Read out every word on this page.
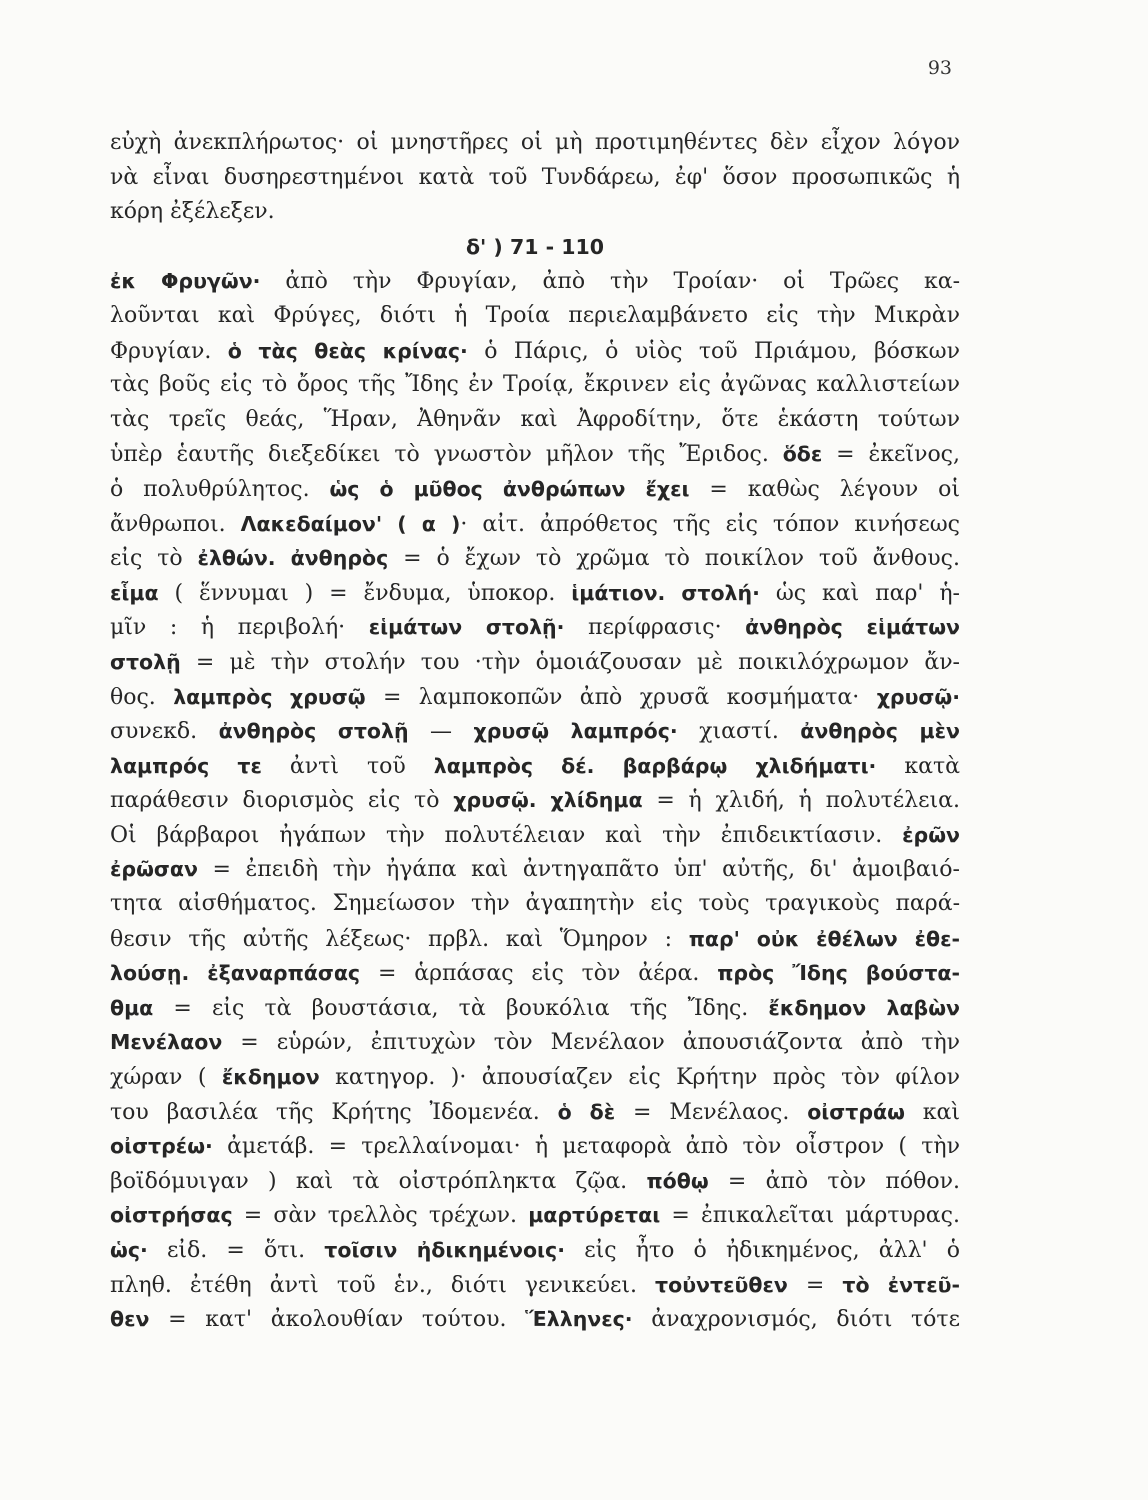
93
εὐχὴ ἀνεκπλήρωτος· οἱ μνηστῆρες οἱ μὴ προτιμηθέντες δὲν εἶχον λόγον
νὰ εἶναι δυσηρεστημένοι κατὰ τοῦ Τυνδάρεω, ἐφ' ὅσον προσωπικῶς ἡ
κόρη ἐξέλεξεν.
δ' ) 71 - 110
ἐκ Φρυγῶν· ἀπὸ τὴν Φρυγίαν, ἀπὸ τὴν Τροίαν· οἱ Τρῶες κα-
λοῦνται καὶ Φρύγες, διότι ἡ Τροία περιελαμβάνετο εἰς τὴν Μικρὰν
Φρυγίαν. ὁ τὰς θεὰς κρίνας· ὁ Πάρις, ὁ υἱὸς τοῦ Πριάμου, βόσκων
τὰς βοῦς εἰς τὸ ὄρος τῆς Ἴδης ἐν Τροίᾳ, ἔκρινεν εἰς ἀγῶνας καλλιστείων
τὰς τρεῖς θεάς, Ἥραν, Ἀθηνᾶν καὶ Ἀφροδίτην, ὅτε ἑκάστη τούτων
ὑπὲρ ἑαυτῆς διεξεδίκει τὸ γνωστὸν μῆλον τῆς Ἔριδος. ὅδε = ἐκεῖνος,
ὁ πολυθρύλητος. ὡς ὁ μῦθος ἀνθρώπων ἔχει = καθὼς λέγουν οἱ
ἄνθρωποι. Λακεδαίμον' ( α )· αἰτ. ἀπρόθετος τῆς εἰς τόπον κινήσεως
εἰς τὸ ἐλθών. ἀνθηρὸς = ὁ ἔχων τὸ χρῶμα τὸ ποικίλον τοῦ ἄνθους.
εἷμα ( ἕννυμαι ) = ἔνδυμα, ὑποκορ. ἱμάτιον. στολή· ὡς καὶ παρ' ἡ-
μῖν : ἡ περιβολή· εἱμάτων στολῇ· περίφρασις· ἀνθηρὸς εἱμάτων
στολῇ = μὲ τὴν στολήν του ·τὴν ὁμοιάζουσαν μὲ ποικιλόχρωμον ἄν-
θος. λαμπρὸς χρυσῷ = λαμποκοπῶν ἀπὸ χρυσᾶ κοσμήματα· χρυσῷ·
συνεκδ. ἀνθηρὸς στολῇ — χρυσῷ λαμπρός· χιαστί. ἀνθηρὸς μὲν
λαμπρός τε ἀντὶ τοῦ λαμπρὸς δέ. βαρβάρῳ χλιδήματι· κατὰ
παράθεσιν διορισμὸς εἰς τὸ χρυσῷ. χλίδημα = ἡ χλιδή, ἡ πολυτέλεια.
Οἱ βάρβαροι ἠγάπων τὴν πολυτέλειαν καὶ τὴν ἐπιδεικτίασιν. ἐρῶν
ἐρῶσαν = ἐπειδὴ τὴν ἠγάπα καὶ ἀντηγαπᾶτο ὑπ' αὐτῆς, δι' ἀμοιβαιό-
τητα αἰσθήματος. Σημείωσον τὴν ἀγαπητὴν εἰς τοὺς τραγικοὺς παρά-
θεσιν τῆς αὐτῆς λέξεως· πρβλ. καὶ Ὅμηρον : παρ' οὐκ ἐθέλων ἐθε-
λούσῃ. ἐξαναρπάσας = ἁρπάσας εἰς τὸν ἀέρα. πρὸς Ἴδης βούστα-
θμα = εἰς τὰ βουστάσια, τὰ βουκόλια τῆς Ἴδης. ἔκδημον λαβὼν
Μενέλαον = εὑρών, ἐπιτυχὼν τὸν Μενέλαον ἀπουσιάζοντα ἀπὸ τὴν
χώραν ( ἔκδημον κατηγορ. )· ἀπουσίαζεν εἰς Κρήτην πρὸς τὸν φίλον
του βασιλέα τῆς Κρήτης Ἰδομενέα. ὁ δὲ = Μενέλαος. οἰστράω καὶ
οἰστρέω· ἀμετάβ. = τρελλαίνομαι· ἡ μεταφορὰ ἀπὸ τὸν οἶστρον ( τὴν
βοϊδόμυιγαν ) καὶ τὰ οἰστρόπληκτα ζῷα. πόθῳ = ἀπὸ τὸν πόθον.
οἰστρήσας = σὰν τρελλὸς τρέχων. μαρτύρεται = ἐπικαλεῖται μάρτυρας.
ὡς· εἰδ. = ὅτι. τοῖσιν ἠδικημένοις· εἰς ἦτο ὁ ἠδικημένος, ἀλλ' ὁ
πληθ. ἐτέθη ἀντὶ τοῦ ἑν., διότι γενικεύει. τοὐντεῦθεν = τὸ ἐντεῦ-
θεν = κατ' ἀκολουθίαν τούτου. Ἕλληνες· ἀναχρονισμός, διότι τότε
